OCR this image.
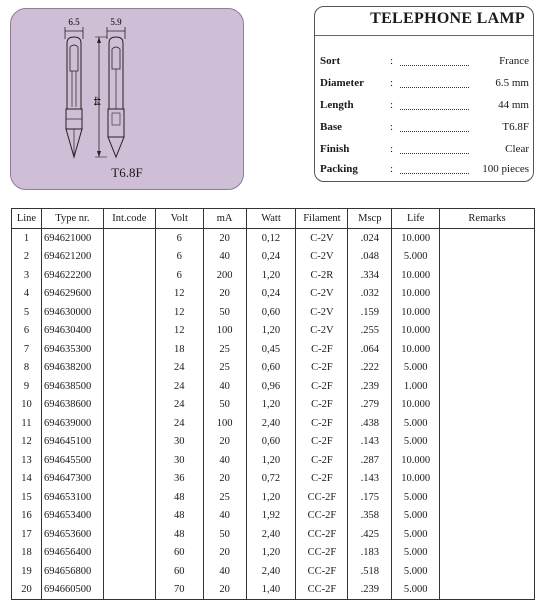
6.5	5.9
44
T6.8F
TELEPHONE LAMP
Sort	:	France
Diameter :	6.5 mm
Length	:	44 mm
Base	:	T6.8F
Finish	:	Clear
Packing	:	100 pieces
Line	Type nr.	Int.code	Volt	mA	Watt	Filament	Mscp	Life	Remarks
1	694621000		6	20	0,12	C-2V	.024	10.000	
2	694621200		6	40	0,24	C-2V	.048	5.000	
3	694622200		6	200	1,20	C-2R	.334	10.000	
4	694629600		12	20	0,24	C-2V	.032	10.000	
5	694630000		12	50	0,60	C-2V	.159	10.000	
6	694630400		12	100	1,20	C-2V	.255	10.000	
7	694635300		18	25	0,45	C-2F	.064	10.000	
8	694638200		24	25	0,60	C-2F	.222	5.000	
9	694638500		24	40	0,96	C-2F	.239	1.000	
10	694638600		24	50	1,20	C-2F	.279	10.000	
11	694639000		24	100	2,40	C-2F	.438	5.000	
12	694645100		30	20	0,60	C-2F	.143	5.000	
13	694645500		30	40	1,20	C-2F	.287	10.000	
14	694647300		36	20	0,72	C-2F	.143	10.000	
15	694653100		48	25	1,20	CC-2F	.175	5.000	
16	694653400		48	40	1,92	CC-2F	.358	5.000	
17	694653600		48	50	2,40	CC-2F	.425	5.000	
18	694656400		60	20	1,20	CC-2F	.183	5.000	
19	694656800		60	40	2,40	CC-2F	.518	5.000	
20	694660500		70	20	1,40	CC-2F	.239	5.000	
